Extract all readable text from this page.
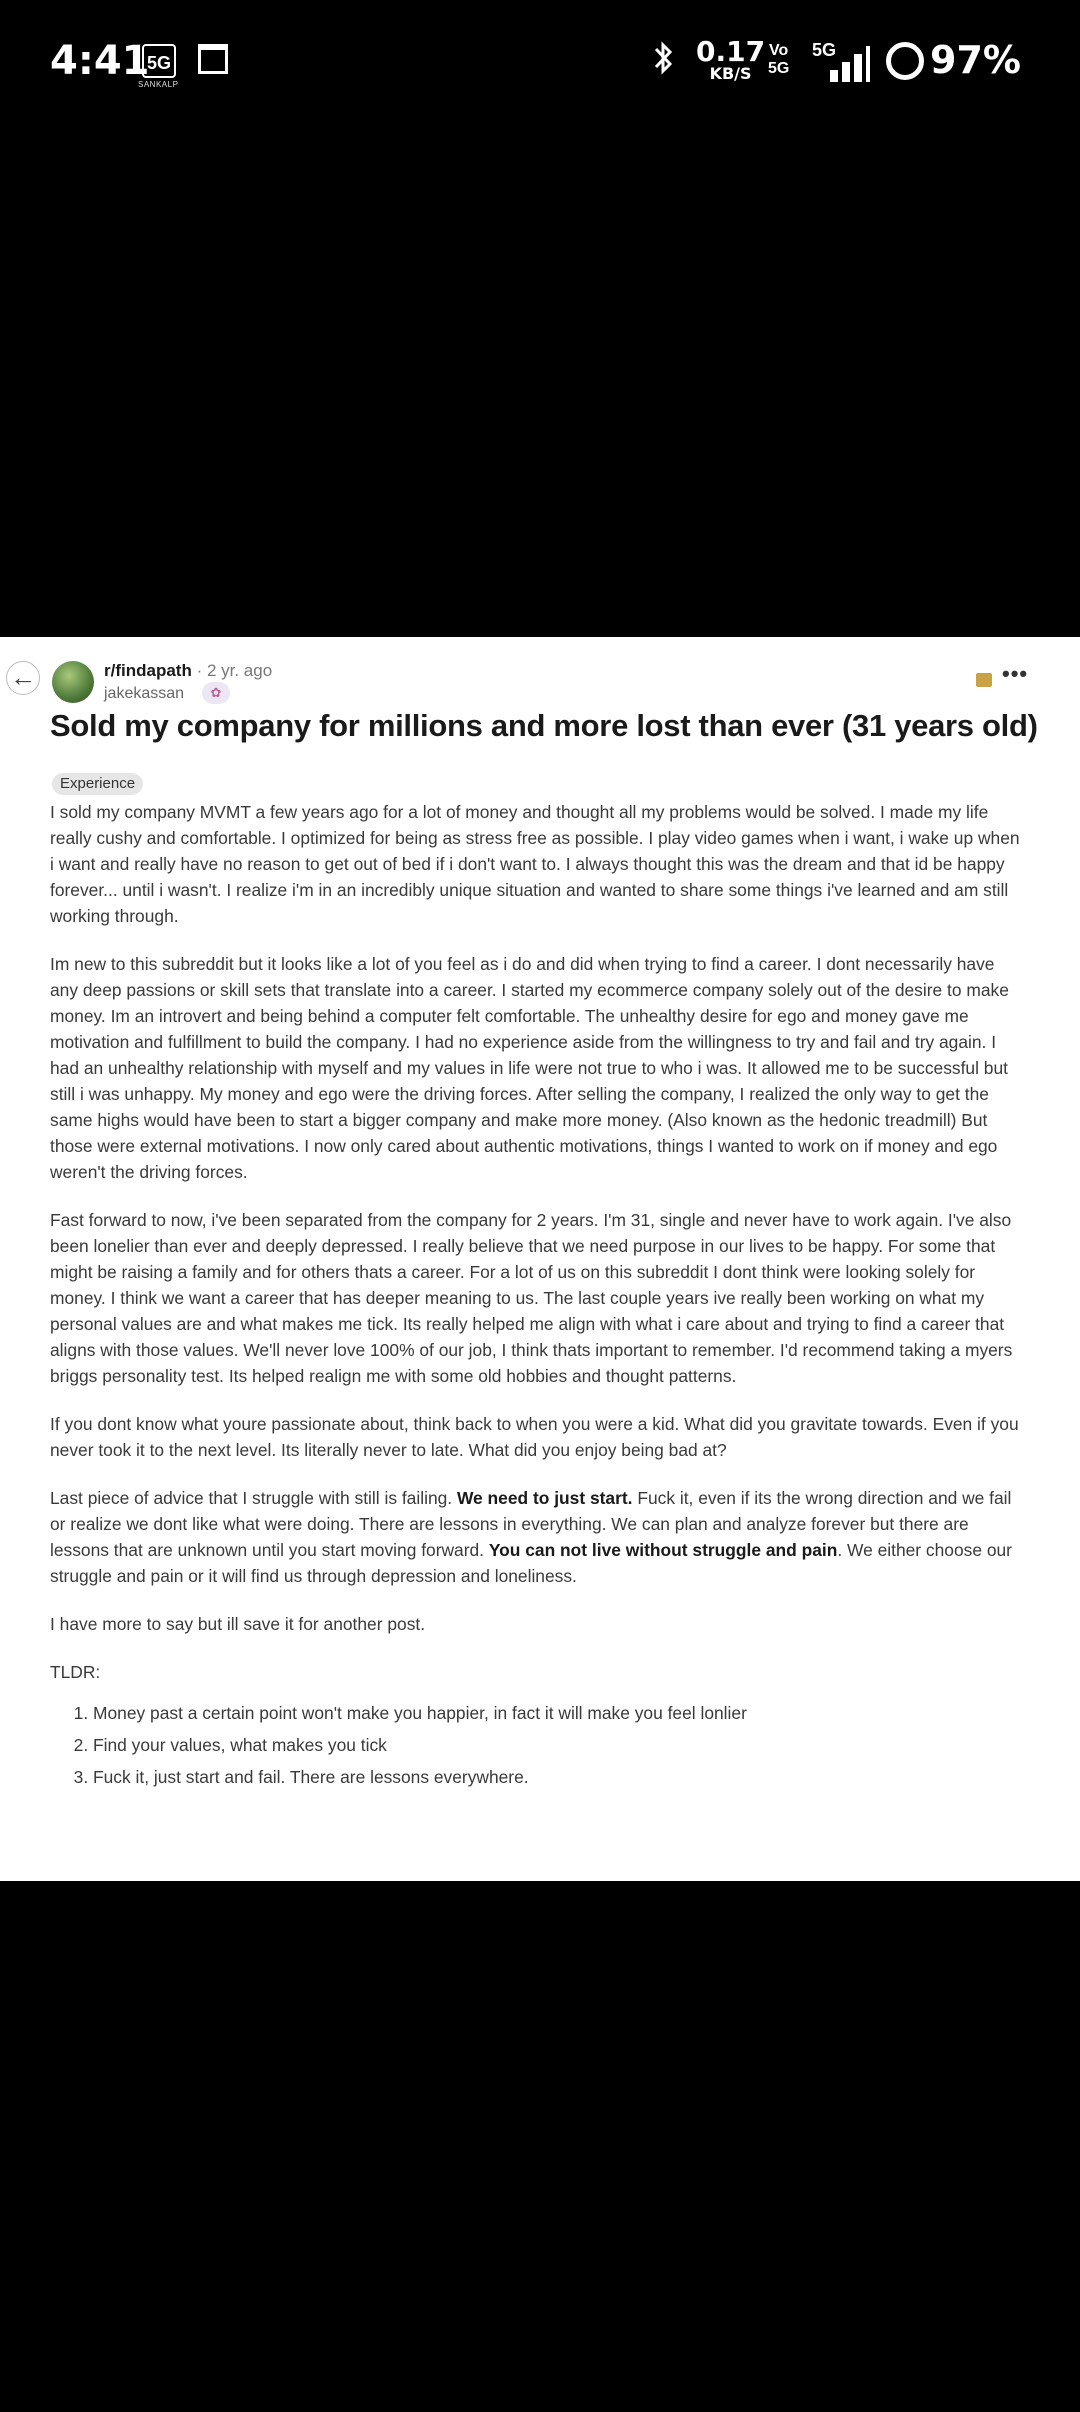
4:41
5G
SANKALP
0.17
KB/S
Vo
5G
5G 97%
←	r/findapath · 2 yr. ago
jakekassan	✿
•••
Sold my company for millions and more lost than ever (31 years old)
Experience

I sold my company MVMT a few years ago for a lot of money and thought all my problems would be solved. I made my life really cushy and comfortable. I optimized for being as stress free as possible. I play video games when i want, i wake up when i want and really have no reason to get out of bed if i don't want to. I always thought this was the dream and that id be happy forever... until i wasn't. I realize i'm in an incredibly unique situation and wanted to share some things i've learned and am still working through.

Im new to this subreddit but it looks like a lot of you feel as i do and did when trying to find a career. I dont necessarily have any deep passions or skill sets that translate into a career. I started my ecommerce company solely out of the desire to make money. Im an introvert and being behind a computer felt comfortable. The unhealthy desire for ego and money gave me motivation and fulfillment to build the company. I had no experience aside from the willingness to try and fail and try again. I had an unhealthy relationship with myself and my values in life were not true to who i was. It allowed me to be successful but still i was unhappy. My money and ego were the driving forces. After selling the company, I realized the only way to get the same highs would have been to start a bigger company and make more money. (Also known as the hedonic treadmill) But those were external motivations. I now only cared about authentic motivations, things I wanted to work on if money and ego weren't the driving forces.

Fast forward to now, i've been separated from the company for 2 years. I'm 31, single and never have to work again. I've also been lonelier than ever and deeply depressed. I really believe that we need purpose in our lives to be happy. For some that might be raising a family and for others thats a career. For a lot of us on this subreddit I dont think were looking solely for money. I think we want a career that has deeper meaning to us. The last couple years ive really been working on what my personal values are and what makes me tick. Its really helped me align with what i care about and trying to find a career that aligns with those values. We'll never love 100% of our job, I think thats important to remember. I'd recommend taking a myers briggs personality test. Its helped realign me with some old hobbies and thought patterns.

If you dont know what youre passionate about, think back to when you were a kid. What did you gravitate towards. Even if you never took it to the next level. Its literally never to late. What did you enjoy being bad at?

Last piece of advice that I struggle with still is failing. We need to just start. Fuck it, even if its the wrong direction and we fail or realize we dont like what were doing. There are lessons in everything. We can plan and analyze forever but there are lessons that are unknown until you start moving forward. You can not live without struggle and pain. We either choose our struggle and pain or it will find us through depression and loneliness.

I have more to say but ill save it for another post.

TLDR:

1. Money past a certain point won't make you happier, in fact it will make you feel lonlier
2. Find your values, what makes you tick
3. Fuck it, just start and fail. There are lessons everywhere.
